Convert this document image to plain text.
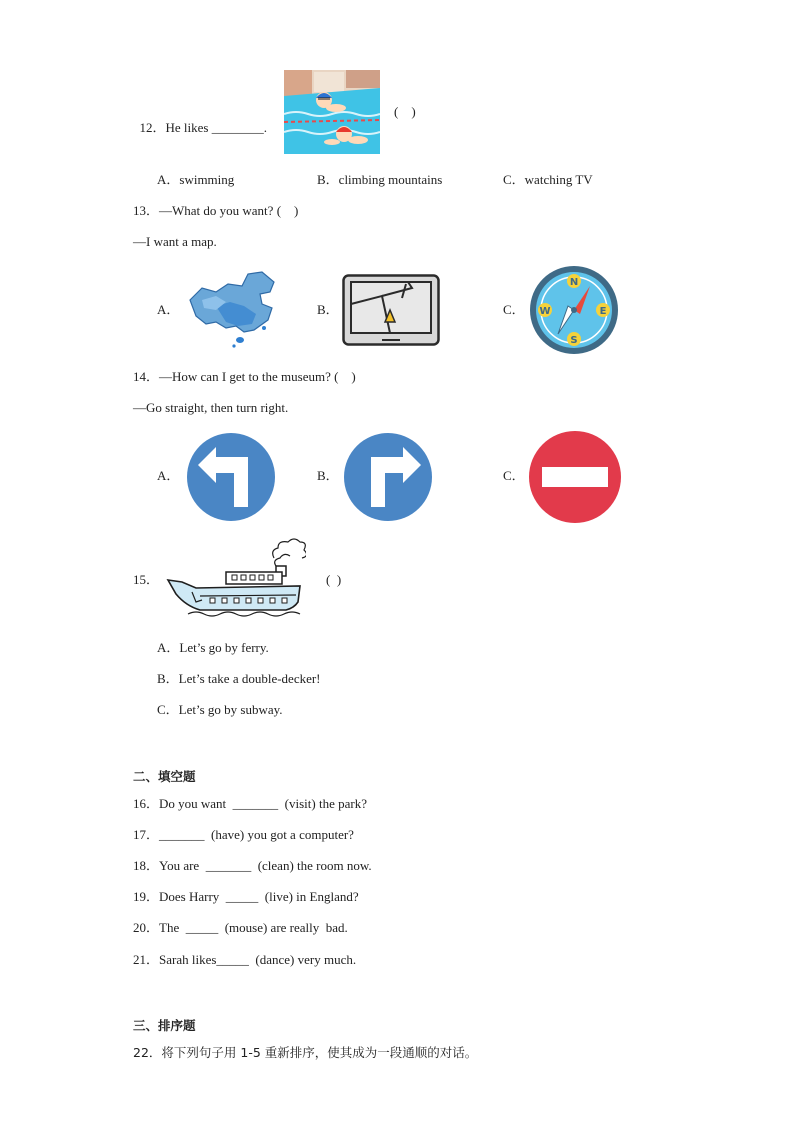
12．He likes ________.

(    )
A．swimming	B．climbing mountains	C．watching TV
13．—What do you want? (    )
—I want a map.
A．	B．	C．
N
S
W	E
14．—How can I get to the museum? (    )
—Go straight, then turn right.
A．	B．	C．
15．	(  )
A．Let’s go by ferry.
B．Let’s take a double-decker!
C．Let’s go by subway.
二、填空题
16．Do you want  _______  (visit) the park?
17．_______  (have) you got a computer?
18．You are  _______  (clean) the room now.
19．Does Harry  _____  (live) in England?
20．The  _____  (mouse) are really  bad.
21．Sarah likes_____  (dance) very much.
三、排序题
22．将下列句子用 1-5 重新排序，使其成为一段通顺的对话。
